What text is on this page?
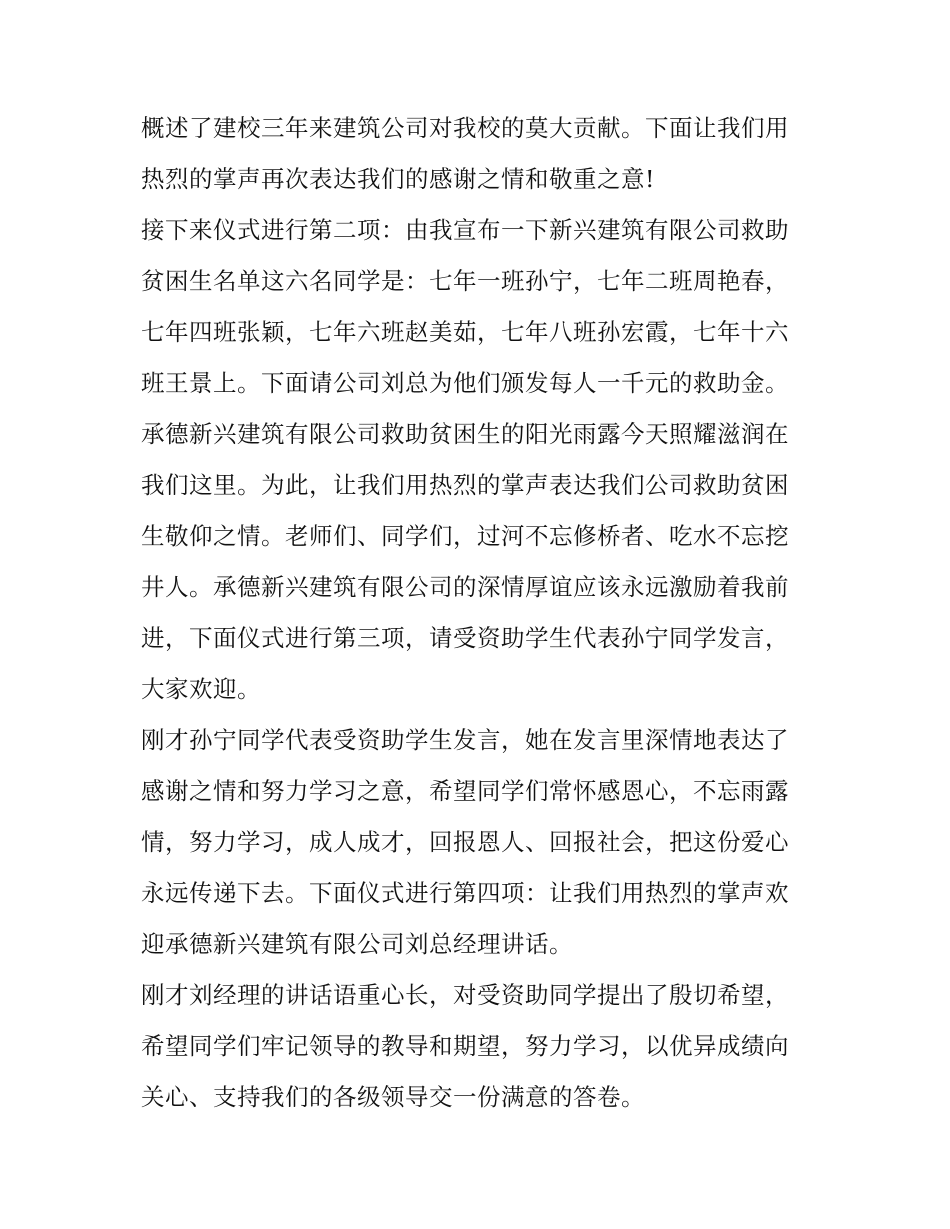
概述了建校三年来建筑公司对我校的莫大贡献。下面让我们用
热烈的掌声再次表达我们的感谢之情和敬重之意!
接下来仪式进行第二项：由我宣布一下新兴建筑有限公司救助
贫困生名单这六名同学是：七年一班孙宁，七年二班周艳春，
七年四班张颖，七年六班赵美茹，七年八班孙宏霞，七年十六
班王景上。下面请公司刘总为他们颁发每人一千元的救助金。
承德新兴建筑有限公司救助贫困生的阳光雨露今天照耀滋润在
我们这里。为此，让我们用热烈的掌声表达我们公司救助贫困
生敬仰之情。老师们、同学们，过河不忘修桥者、吃水不忘挖
井人。承德新兴建筑有限公司的深情厚谊应该永远激励着我前
进，下面仪式进行第三项，请受资助学生代表孙宁同学发言，
大家欢迎。
刚才孙宁同学代表受资助学生发言，她在发言里深情地表达了
感谢之情和努力学习之意，希望同学们常怀感恩心，不忘雨露
情，努力学习，成人成才，回报恩人、回报社会，把这份爱心
永远传递下去。下面仪式进行第四项：让我们用热烈的掌声欢
迎承德新兴建筑有限公司刘总经理讲话。
刚才刘经理的讲话语重心长，对受资助同学提出了殷切希望，
希望同学们牢记领导的教导和期望，努力学习，以优异成绩向
关心、支持我们的各级领导交一份满意的答卷。
